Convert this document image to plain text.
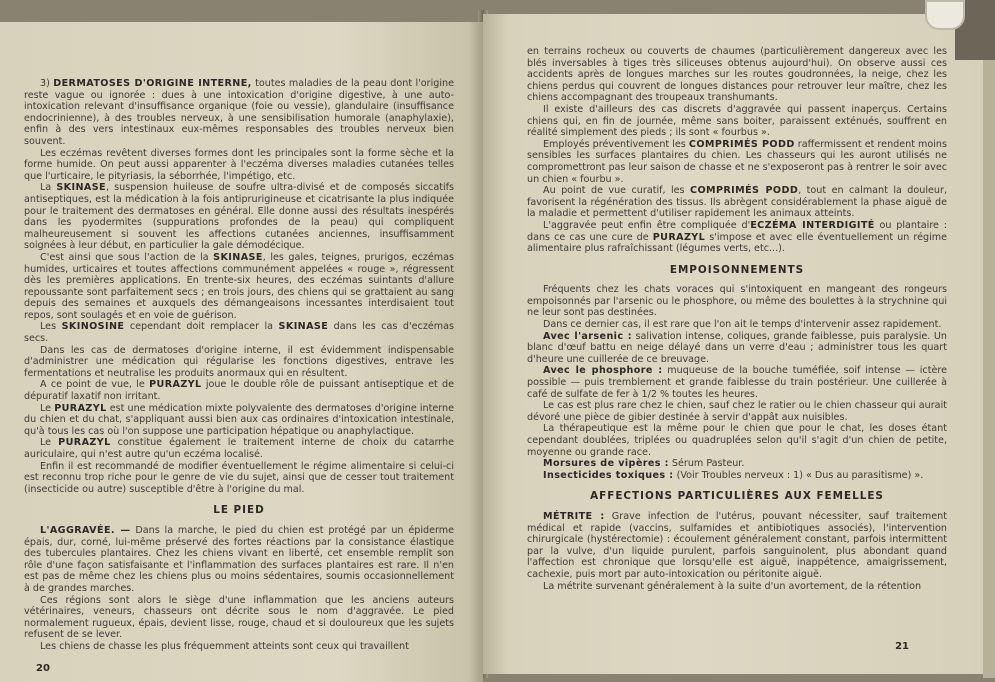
3) DERMATOSES D'ORIGINE INTERNE, toutes maladies de la peau dont l'origine reste vague ou ignorée : dues à une intoxication d'origine digestive, à une auto-intoxication relevant d'insuffisance organique (foie ou vessie), glandulaire (insuffisance endocrinienne), à des troubles nerveux, à une sensibilisation humorale (anaphylaxie), enfin à des vers intestinaux eux-mêmes responsables des troubles nerveux bien souvent.

Les eczémas revêtent diverses formes dont les principales sont la forme sèche et la forme humide. On peut aussi apparenter à l'eczéma diverses maladies cutanées telles que l'urticaire, le pityriasis, la séborrhée, l'impétigo, etc.

La SKINASE, suspension huileuse de soufre ultra-divisé et de composés siccatifs antiseptiques, est la médication à la fois antiprurigineuse et cicatrisante la plus indiquée pour le traitement des dermatoses en général. Elle donne aussi des résultats inespérés dans les pyodermites (suppurations profondes de la peau) qui compliquent malheureusement si souvent les affections cutanées anciennes, insuffisamment soignées à leur début, en particulier la gale démodécique.

C'est ainsi que sous l'action de la SKINASE, les gales, teignes, prurigos, eczémas humides, urticaires et toutes affections communément appelées « rouge », régressent dès les premières applications. En trente-six heures, des eczémas suintants d'allure repoussante sont parfaitement secs ; en trois jours, des chiens qui se grattaient au sang depuis des semaines et auxquels des démangeaisons incessantes interdisaient tout repos, sont soulagés et en voie de guérison.

Les SKINOSINE cependant doit remplacer la SKINASE dans les cas d'eczémas secs.

Dans les cas de dermatoses d'origine interne, il est évidemment indispensable d'administrer une médication qui régularise les fonctions digestives, entrave les fermentations et neutralise les produits anormaux qui en résultent.

A ce point de vue, le PURAZYL joue le double rôle de puissant antiseptique et de dépuratif laxatif non irritant.

Le PURAZYL est une médication mixte polyvalente des dermatoses d'origine interne du chien et du chat, s'appliquant aussi bien aux cas ordinaires d'intoxication intestinale, qu'à tous les cas où l'on suppose une participation hépatique ou anaphylactique.

Le PURAZYL constitue également le traitement interne de choix du catarrhe auriculaire, qui n'est autre qu'un eczéma localisé.

Enfin il est recommandé de modifier éventuellement le régime alimentaire si celui-ci est reconnu trop riche pour le genre de vie du sujet, ainsi que de cesser tout traitement (insecticide ou autre) susceptible d'être à l'origine du mal.

LE PIED

L'AGGRAVÉE. — Dans la marche, le pied du chien est protégé par un épiderme épais, dur, corné, lui-même préservé des fortes réactions par la consistance élastique des tubercules plantaires. Chez les chiens vivant en liberté, cet ensemble remplit son rôle d'une façon satisfaisante et l'inflammation des surfaces plantaires est rare. Il n'en est pas de même chez les chiens plus ou moins sédentaires, soumis occasionnellement à de grandes marches.

Ces régions sont alors le siège d'une inflammation que les anciens auteurs vétérinaires, veneurs, chasseurs ont décrite sous le nom d'aggravée. Le pied normalement rugueux, épais, devient lisse, rouge, chaud et si douloureux que les sujets refusent de se lever.

Les chiens de chasse les plus fréquemment atteints sont ceux qui travaillent

20

en terrains rocheux ou couverts de chaumes (particulièrement dangereux avec les blés inversables à tiges très siliceuses obtenus aujourd'hui). On observe aussi ces accidents après de longues marches sur les routes goudronnées, la neige, chez les chiens perdus qui couvrent de longues distances pour retrouver leur maître, chez les chiens accompagnant des troupeaux transhumants.

Il existe d'ailleurs des cas discrets d'aggravée qui passent inaperçus. Certains chiens qui, en fin de journée, même sans boiter, paraissent exténués, souffrent en réalité simplement des pieds ; ils sont « fourbus ».

Employés préventivement les COMPRIMÉS PODD raffermissent et rendent moins sensibles les surfaces plantaires du chien. Les chasseurs qui les auront utilisés ne compromettront pas leur saison de chasse et ne s'exposeront pas à rentrer le soir avec un chien « fourbu ».

Au point de vue curatif, les COMPRIMÉS PODD, tout en calmant la douleur, favorisent la régénération des tissus. Ils abrègent considérablement la phase aiguë de la maladie et permettent d'utiliser rapidement les animaux atteints.

L'aggravée peut enfin être compliquée d'ECZÉMA INTERDIGITÉ ou plantaire : dans ce cas une cure de PURAZYL s'impose et avec elle éventuellement un régime alimentaire plus rafraîchissant (légumes verts, etc...).

EMPOISONNEMENTS

Fréquents chez les chats voraces qui s'intoxiquent en mangeant des rongeurs empoisonnés par l'arsenic ou le phosphore, ou même des boulettes à la strychnine qui ne leur sont pas destinées.

Dans ce dernier cas, il est rare que l'on ait le temps d'intervenir assez rapidement.

Avec l'arsenic : salivation intense, coliques, grande faiblesse, puis paralysie. Un blanc d'œuf battu en neige délayé dans un verre d'eau ; administrer tous les quart d'heure une cuillerée de ce breuvage.

Avec le phosphore : muqueuse de la bouche tuméfiée, soif intense — ictère possible — puis tremblement et grande faiblesse du train postérieur. Une cuillerée à café de sulfate de fer à 1/2 % toutes les heures.

Le cas est plus rare chez le chien, sauf chez le ratier ou le chien chasseur qui aurait dévoré une pièce de gibier destinée à servir d'appât aux nuisibles.

La thérapeutique est la même pour le chien que pour le chat, les doses étant cependant doublées, triplées ou quadruplées selon qu'il s'agit d'un chien de petite, moyenne ou grande race.

Morsures de vipères : Sérum Pasteur.

Insecticides toxiques : (Voir Troubles nerveux : 1) « Dus au parasitisme) ».

AFFECTIONS PARTICULIÈRES AUX FEMELLES

MÉTRITE : Grave infection de l'utérus, pouvant nécessiter, sauf traitement médical et rapide (vaccins, sulfamides et antibiotiques associés), l'intervention chirurgicale (hystérectomie) : écoulement généralement constant, parfois intermittent par la vulve, d'un liquide purulent, parfois sanguinolent, plus abondant quand l'affection est chronique que lorsqu'elle est aiguë, inappétence, amaigrissement, cachexie, puis mort par auto-intoxication ou péritonite aiguë.

La métrite survenant généralement à la suite d'un avortement, de la rétention

21
